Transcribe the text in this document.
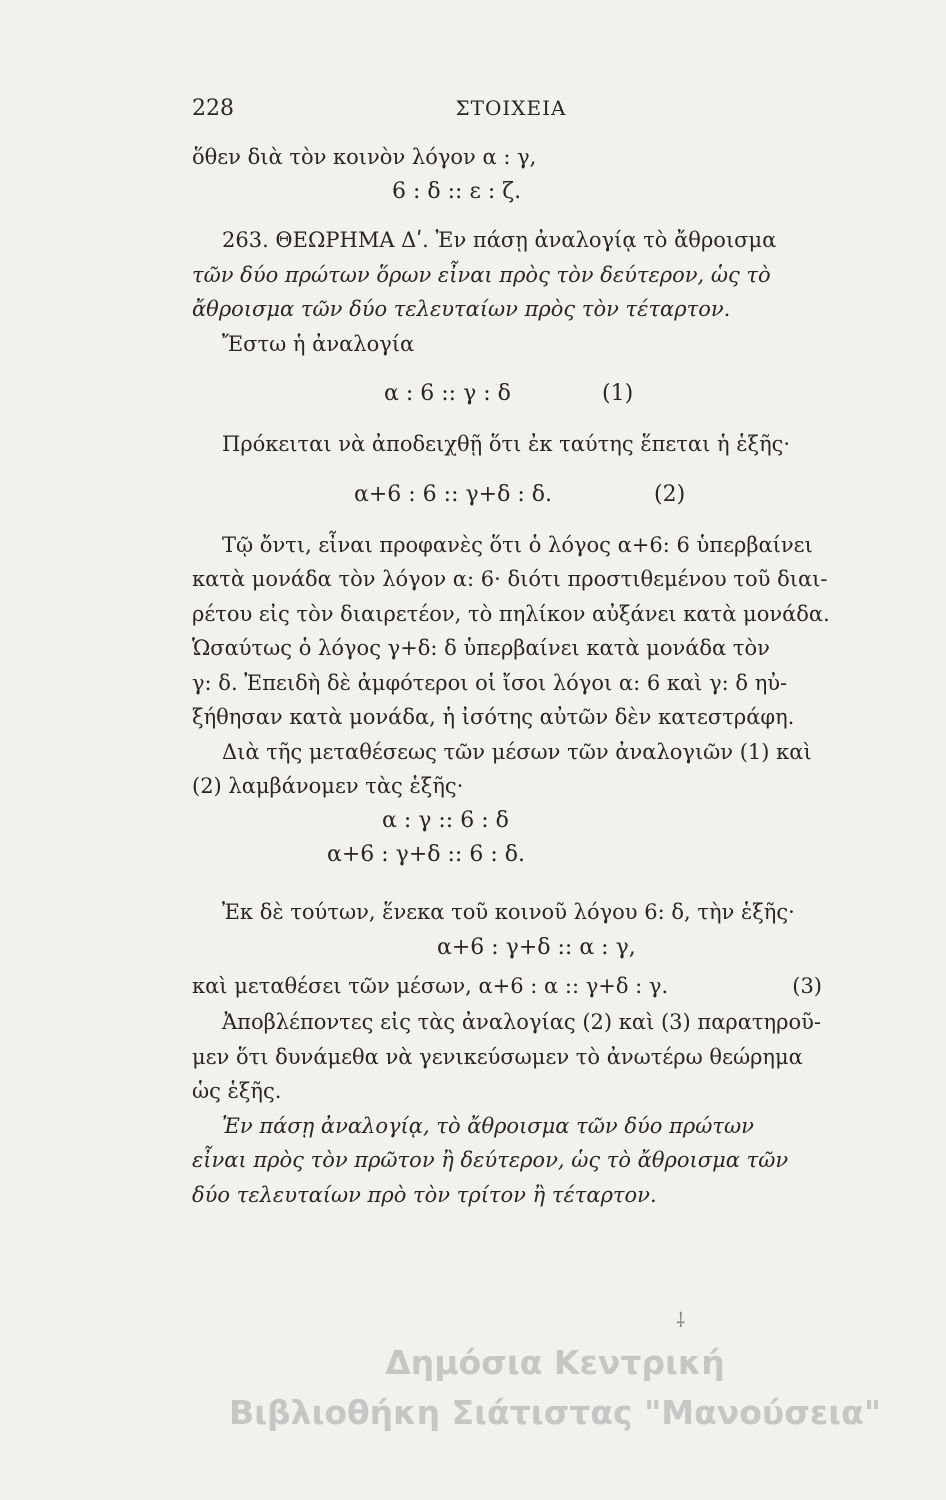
228	ΣΤΟΙΧΕΙΑ
ὅθεν διὰ τὸν κοινὸν λόγον α : γ,
6 : δ :: ε : ζ.
263. ΘΕΩΡΗΜΑ Δʹ. Ἐν πάσῃ ἀναλογίᾳ τὸ ἄθροισμα
τῶν δύο πρώτων ὅρων εἶναι πρὸς τὸν δεύτερον, ὡς τὸ
ἄθροισμα τῶν δύο τελευταίων πρὸς τὸν τέταρτον.
Ἔστω ἡ ἀναλογία
α : 6 :: γ : δ	(1)
Πρόκειται νὰ ἀποδειχθῇ ὅτι ἐκ ταύτης ἕπεται ἡ ἑξῆς·
α+6 : 6 :: γ+δ : δ.	(2)
Τῷ ὄντι, εἶναι προφανὲς ὅτι ὁ λόγος α+6: 6 ὑπερβαίνει
κατὰ μονάδα τὸν λόγον α: 6· διότι προστιθεμένου τοῦ διαι-
ρέτου εἰς τὸν διαιρετέον, τὸ πηλίκον αὐξάνει κατὰ μονάδα.
Ὡσαύτως ὁ λόγος γ+δ: δ ὑπερβαίνει κατὰ μονάδα τὸν
γ: δ. Ἐπειδὴ δὲ ἀμφότεροι οἱ ἴσοι λόγοι α: 6 καὶ γ: δ ηὐ-
ξήθησαν κατὰ μονάδα, ἡ ἰσότης αὐτῶν δὲν κατεστράφη.
Διὰ τῆς μεταθέσεως τῶν μέσων τῶν ἀναλογιῶν (1) καὶ
(2) λαμβάνομεν τὰς ἑξῆς·
α : γ :: 6 : δ
α+6 : γ+δ :: 6 : δ.
Ἐκ δὲ τούτων, ἕνεκα τοῦ κοινοῦ λόγου 6: δ, τὴν ἑξῆς·
α+6 : γ+δ :: α : γ,
καὶ μεταθέσει τῶν μέσων, α+6 : α :: γ+δ : γ.	(3)
Ἀποβλέποντες εἰς τὰς ἀναλογίας (2) καὶ (3) παρατηροῦ-
μεν ὅτι δυνάμεθα νὰ γενικεύσωμεν τὸ ἀνωτέρω θεώρημα
ὡς ἑξῆς.
Ἐν πάσῃ ἀναλογίᾳ, τὸ ἄθροισμα τῶν δύο πρώτων
εἶναι πρὸς τὸν πρῶτον ἢ δεύτερον, ὡς τὸ ἄθροισμα τῶν
δύο τελευταίων πρὸ τὸν τρίτον ἢ τέταρτον.
⸸
Δημόσια Κεντρική
Βιβλιοθήκη Σιάτιστας "Μανούσεια"
